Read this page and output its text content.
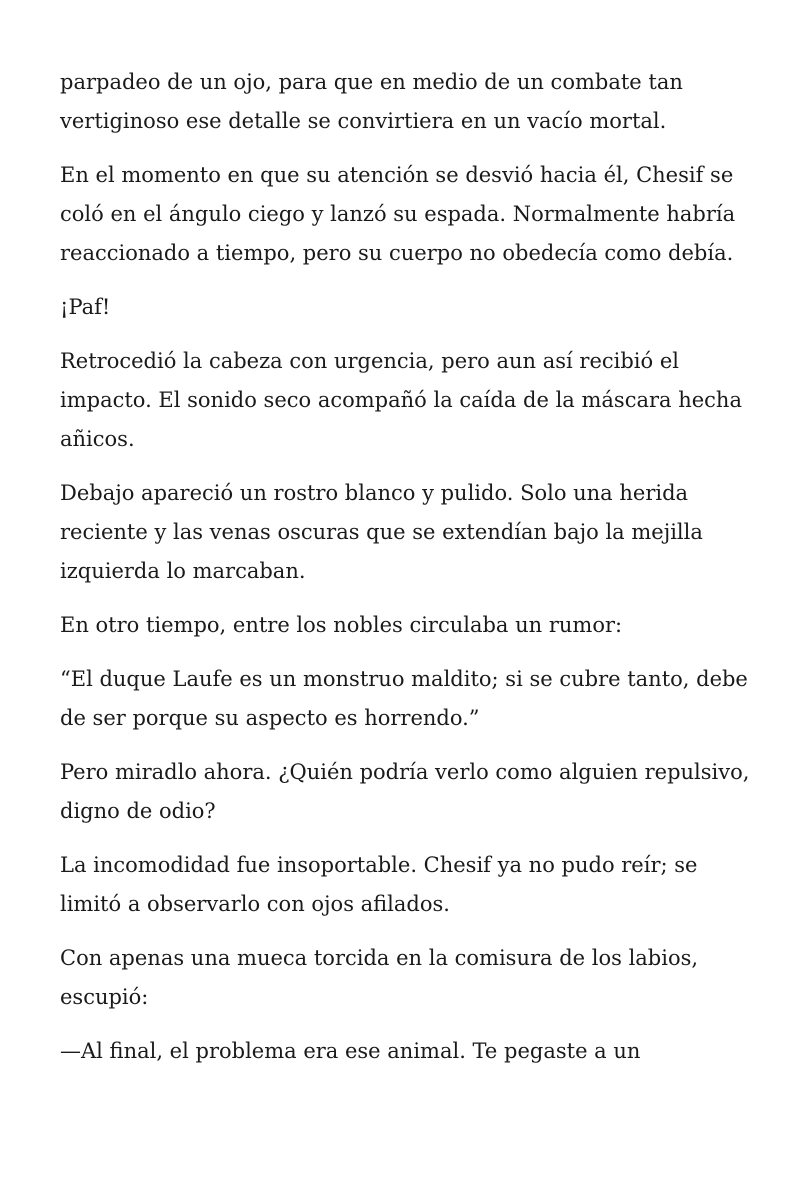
parpadeo de un ojo, para que en medio de un combate tan vertiginoso ese detalle se convirtiera en un vacío mortal.

En el momento en que su atención se desvió hacia él, Chesif se coló en el ángulo ciego y lanzó su espada. Normalmente habría reaccionado a tiempo, pero su cuerpo no obedecía como debía.

¡Paf!

Retrocedió la cabeza con urgencia, pero aun así recibió el impacto. El sonido seco acompañó la caída de la máscara hecha añicos.

Debajo apareció un rostro blanco y pulido. Solo una herida reciente y las venas oscuras que se extendían bajo la mejilla izquierda lo marcaban.

En otro tiempo, entre los nobles circulaba un rumor:

“El duque Laufe es un monstruo maldito; si se cubre tanto, debe de ser porque su aspecto es horrendo.”

Pero miradlo ahora. ¿Quién podría verlo como alguien repulsivo, digno de odio?

La incomodidad fue insoportable. Chesif ya no pudo reír; se limitó a observarlo con ojos afilados.

Con apenas una mueca torcida en la comisura de los labios, escupió:

—Al final, el problema era ese animal. Te pegaste a un
